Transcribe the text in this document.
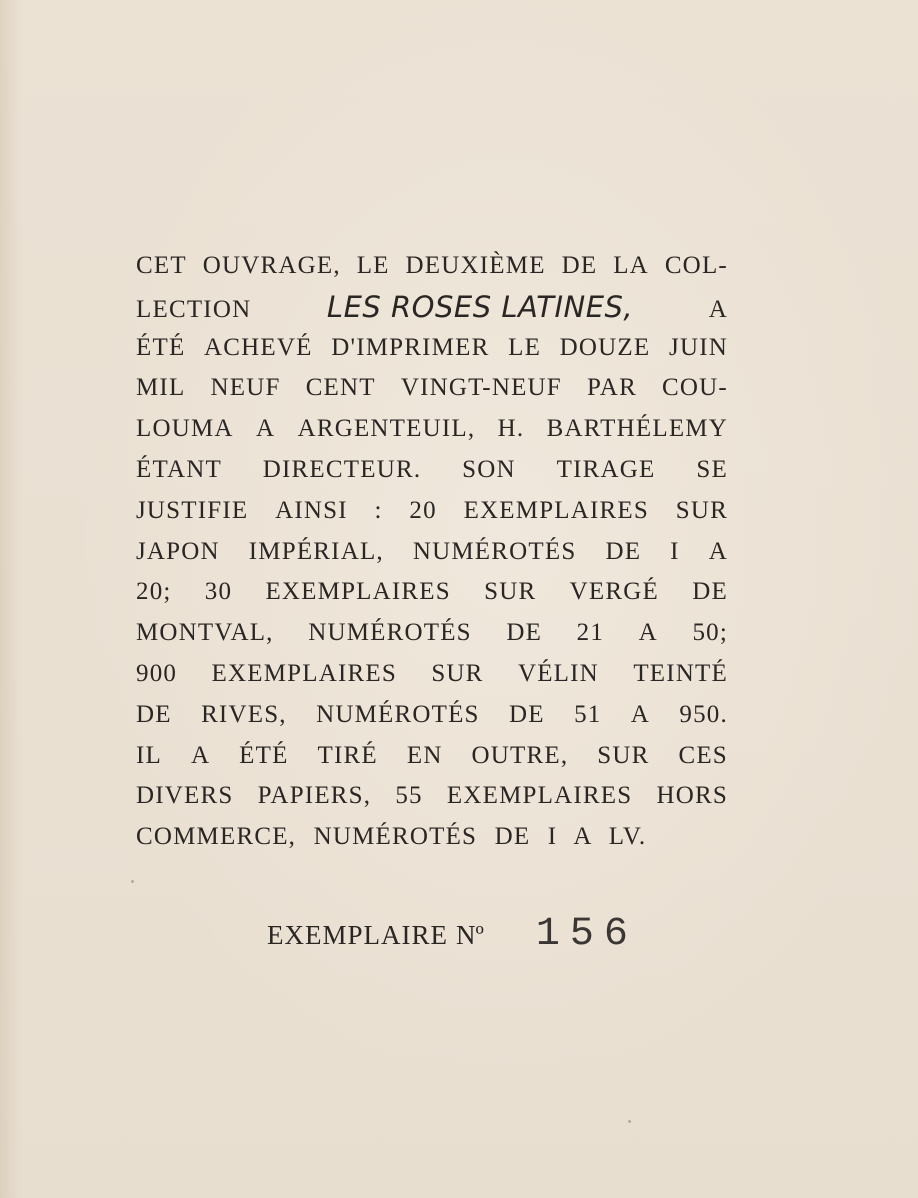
CET OUVRAGE, LE DEUXIÈME DE LA COL-
LECTION	LES ROSES LATINES,	A
ÉTÉ ACHEVÉ D'IMPRIMER LE DOUZE JUIN
MIL NEUF CENT VINGT-NEUF PAR COU-
LOUMA A ARGENTEUIL, H. BARTHÉLEMY
ÉTANT DIRECTEUR. SON TIRAGE SE
JUSTIFIE AINSI : 20 EXEMPLAIRES SUR
JAPON IMPÉRIAL, NUMÉROTÉS DE I A
20; 30 EXEMPLAIRES SUR VERGÉ DE
MONTVAL, NUMÉROTÉS DE 21 A 50;
900 EXEMPLAIRES SUR VÉLIN TEINTÉ
DE RIVES, NUMÉROTÉS DE 51 A 950.
IL A ÉTÉ TIRÉ EN OUTRE, SUR CES
DIVERS PAPIERS, 55 EXEMPLAIRES HORS
COMMERCE, NUMÉROTÉS DE I A LV.
EXEMPLAIRE Nº 156
